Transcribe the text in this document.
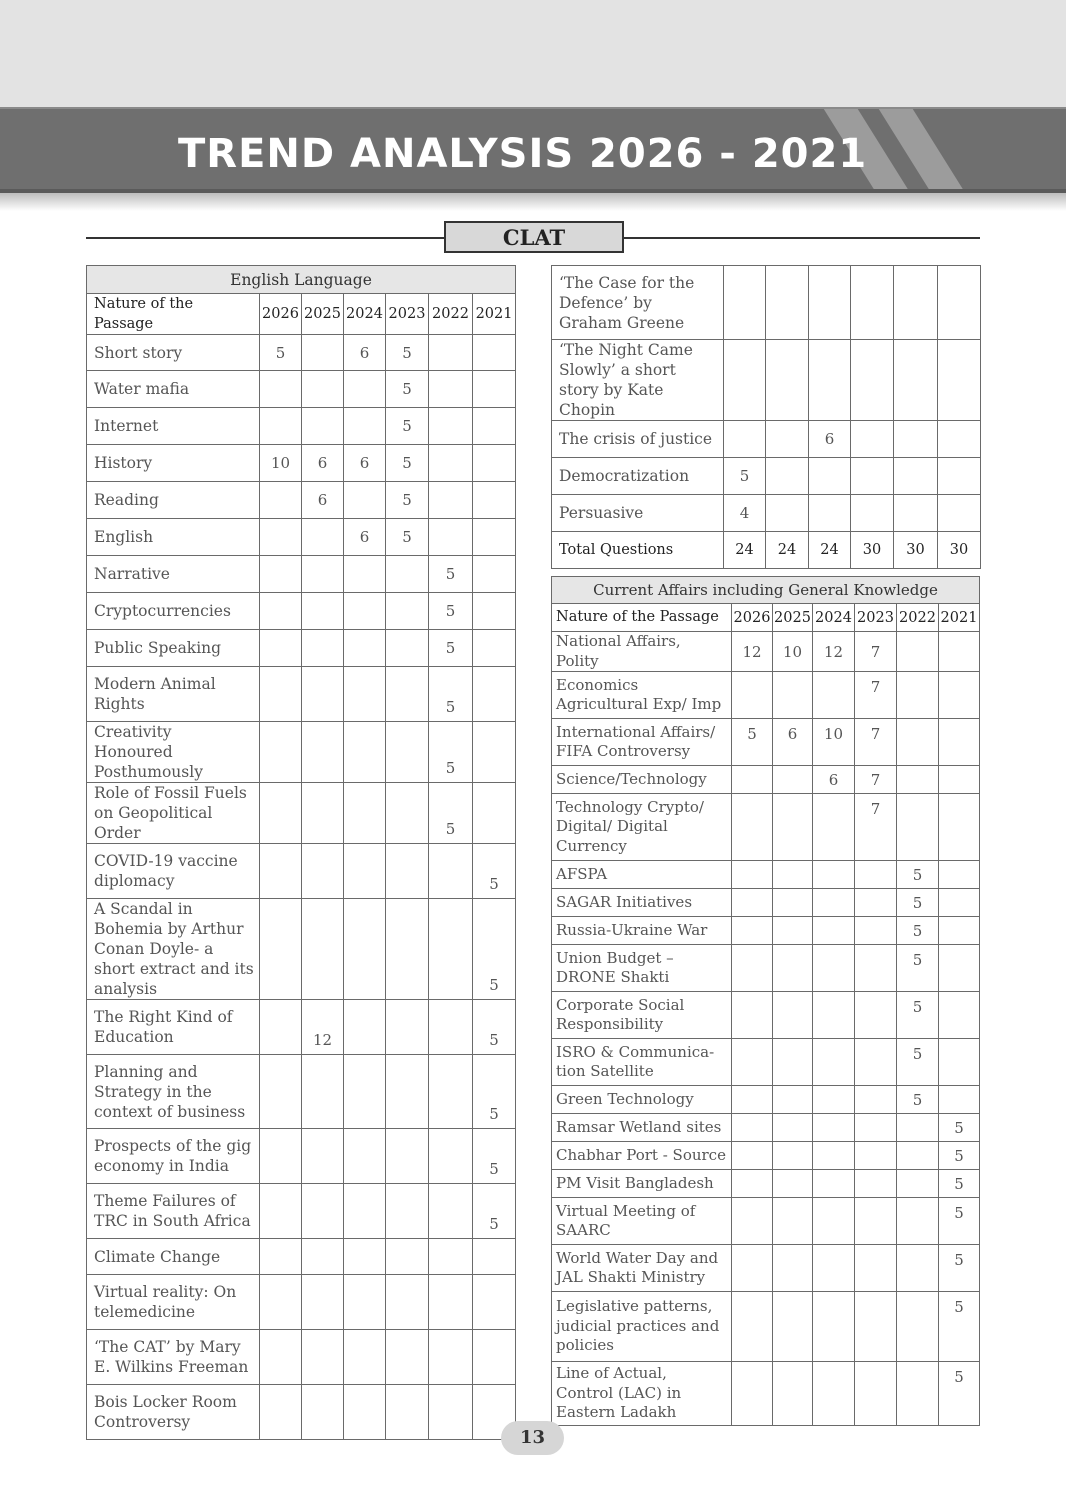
TREND ANALYSIS 2026 - 2021
CLAT
English Language						
Nature of the Passage	2026	2025	2024	2023	2022	2021
Short story	5		6	5		
Water mafia				5		
Internet				5		
History	10	6	6	5		
Reading		6		5		
English			6	5		
Narrative					5	
Cryptocurrencies					5	
Public Speaking					5	
Modern Animal Rights					5	
Creativity Honoured Posthumously					5	
Role of Fossil Fuels on Geopolitical Order					5	
COVID-19 vaccine diplomacy						5
A Scandal in Bohemia by Arthur Conan Doyle- a short extract and its analysis						5
The Right Kind of Education		12				5
Planning and Strategy in the context of business						5
Prospects of the gig economy in India						5
Theme Failures of TRC in South Africa						5
Climate Change						
Virtual reality: On telemedicine						
‘The CAT’ by Mary E. Wilkins Freeman						
Bois Locker Room Controversy						
‘The Case for the Defence’ by Graham Greene						
‘The Night Came Slowly’ a short story by Kate Chopin						
The crisis of justice			6			
Democratization	5					
Persuasive	4					
Total Questions	24	24	24	30	30	30
Current Affairs including General Knowledge						
Nature of the Passage	2026	2025	2024	2023	2022	2021
National Affairs, Polity	12	10	12	7		
Economics Agricultural Exp/ Imp				7		
International Affairs/ FIFA Controversy	5	6	10	7		
Science/Technology			6	7		
Technology Crypto/ Digital/ Digital Currency				7		
AFSPA					5	
SAGAR Initiatives					5	
Russia-Ukraine War					5	
Union Budget – DRONE Shakti					5	
Corporate Social Responsibility					5	
ISRO & Communica-tion Satellite					5	
Green Technology					5	
Ramsar Wetland sites						5
Chabhar Port - Source						5
PM Visit Bangladesh						5
Virtual Meeting of SAARC						5
World Water Day and JAL Shakti Ministry						5
Legislative patterns, judicial practices and policies						5
Line of Actual, Control (LAC) in Eastern Ladakh						5
13
